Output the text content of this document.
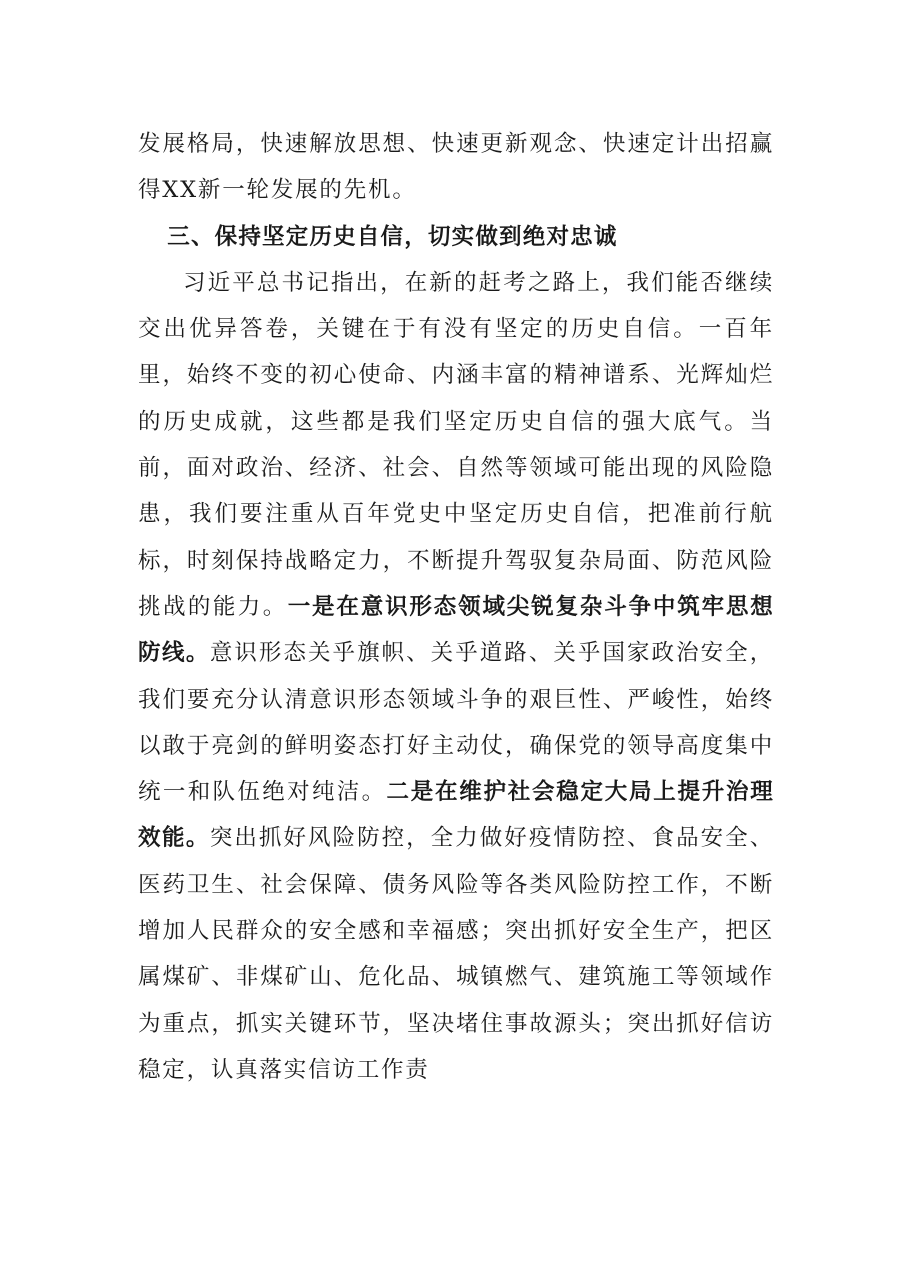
发展格局，快速解放思想、快速更新观念、快速定计出招赢得XX新一轮发展的先机。

三、保持坚定历史自信，切实做到绝对忠诚

习近平总书记指出，在新的赶考之路上，我们能否继续交出优异答卷，关键在于有没有坚定的历史自信。一百年里，始终不变的初心使命、内涵丰富的精神谱系、光辉灿烂的历史成就，这些都是我们坚定历史自信的强大底气。当前，面对政治、经济、社会、自然等领域可能出现的风险隐患，我们要注重从百年党史中坚定历史自信，把准前行航标，时刻保持战略定力，不断提升驾驭复杂局面、防范风险挑战的能力。一是在意识形态领域尖锐复杂斗争中筑牢思想防线。意识形态关乎旗帜、关乎道路、关乎国家政治安全，我们要充分认清意识形态领域斗争的艰巨性、严峻性，始终以敢于亮剑的鲜明姿态打好主动仗，确保党的领导高度集中统一和队伍绝对纯洁。二是在维护社会稳定大局上提升治理效能。突出抓好风险防控，全力做好疫情防控、食品安全、医药卫生、社会保障、债务风险等各类风险防控工作，不断增加人民群众的安全感和幸福感；突出抓好安全生产，把区属煤矿、非煤矿山、危化品、城镇燃气、建筑施工等领域作为重点，抓实关键环节，坚决堵住事故源头；突出抓好信访稳定，认真落实信访工作责
